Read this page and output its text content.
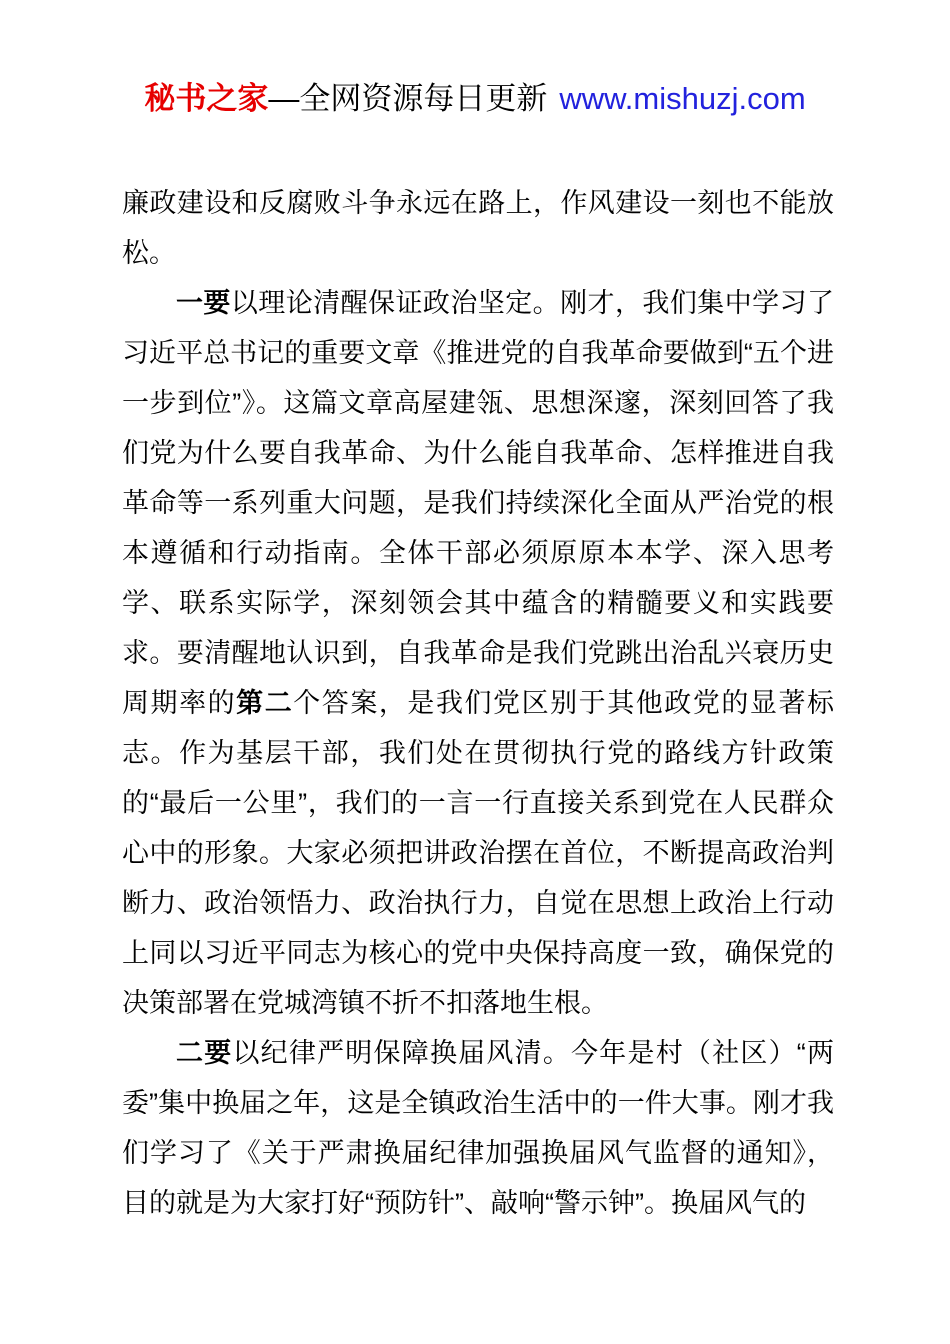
秘书之家—全网资源每日更新 www.mishuzj.com

廉政建设和反腐败斗争永远在路上，作风建设一刻也不能放松。

一要以理论清醒保证政治坚定。刚才，我们集中学习了习近平总书记的重要文章《推进党的自我革命要做到“五个进一步到位”》。这篇文章高屋建瓴、思想深邃，深刻回答了我们党为什么要自我革命、为什么能自我革命、怎样推进自我革命等一系列重大问题，是我们持续深化全面从严治党的根本遵循和行动指南。全体干部必须原原本本学、深入思考学、联系实际学，深刻领会其中蕴含的精髓要义和实践要求。要清醒地认识到，自我革命是我们党跳出治乱兴衰历史周期率的第二个答案，是我们党区别于其他政党的显著标志。作为基层干部，我们处在贯彻执行党的路线方针政策的“最后一公里”，我们的一言一行直接关系到党在人民群众心中的形象。大家必须把讲政治摆在首位，不断提高政治判断力、政治领悟力、政治执行力，自觉在思想上政治上行动上同以习近平同志为核心的党中央保持高度一致，确保党的决策部署在党城湾镇不折不扣落地生根。

二要以纪律严明保障换届风清。今年是村（社区）“两委”集中换届之年，这是全镇政治生活中的一件大事。刚才我们学习了《关于严肃换届纪律加强换届风气监督的通知》，目的就是为大家打好“预防针”、敲响“警示钟”。换届风气的
